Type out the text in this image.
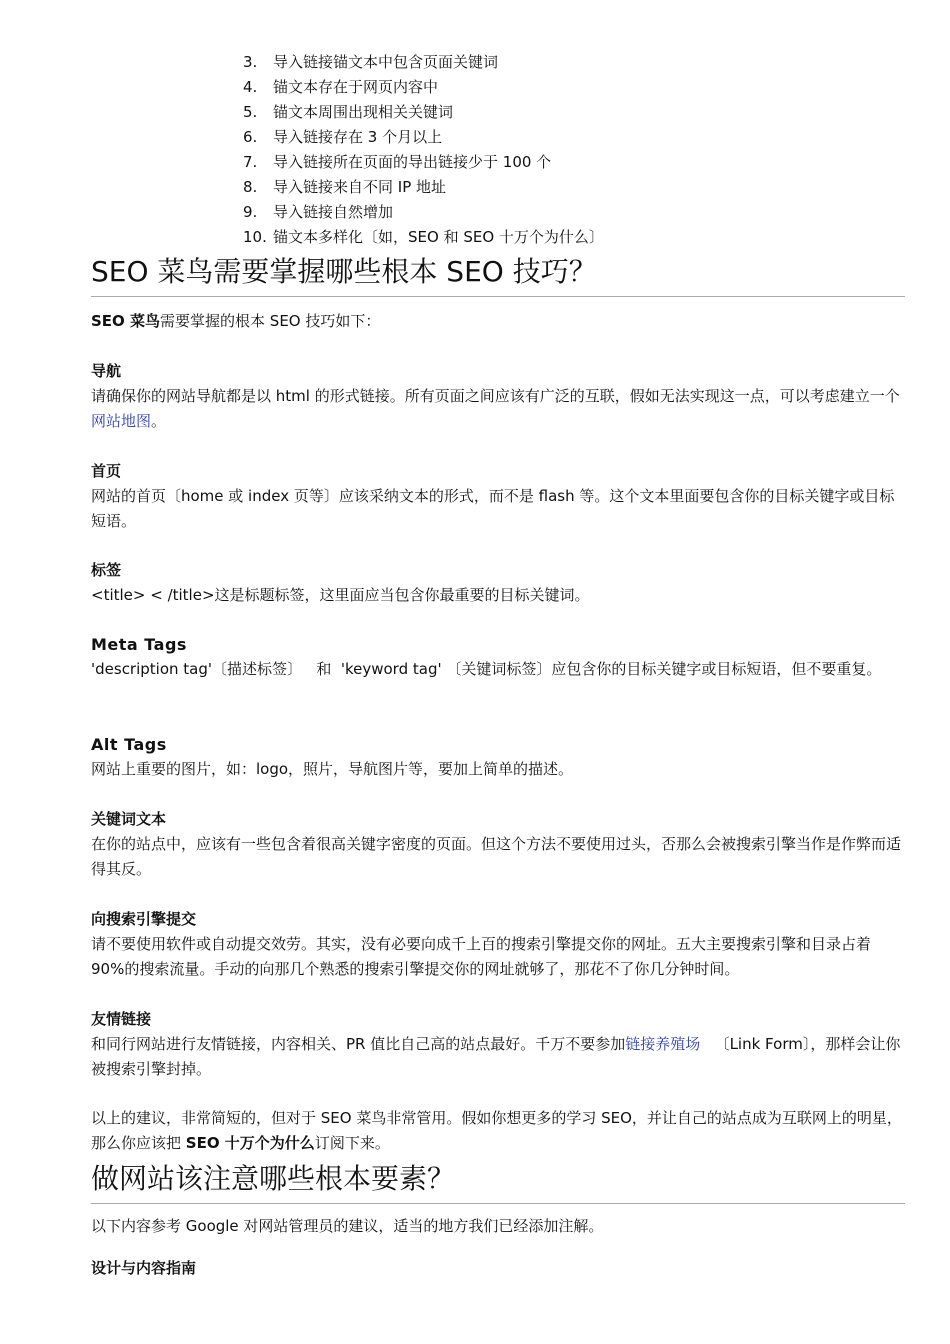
3. 导入链接锚文本中包含页面关键词
4. 锚文本存在于网页内容中
5. 锚文本周围出现相关关键词
6. 导入链接存在 3 个月以上
7. 导入链接所在页面的导出链接少于 100 个
8. 导入链接来自不同 IP 地址
9. 导入链接自然增加
10. 锚文本多样化〔如，SEO 和 SEO 十万个为什么〕
SEO 菜鸟需要掌握哪些根本 SEO 技巧？
SEO 菜鸟需要掌握的根本 SEO 技巧如下：
导航
请确保你的网站导航都是以 html 的形式链接。所有页面之间应该有广泛的互联，假如无法实现这一点，可以考虑建立一个网站地图。
首页
网站的首页〔home 或 index 页等〕应该采纳文本的形式，而不是 flash 等。这个文本里面要包含你的目标关键字或目标短语。
标签
<title> < /title>这是标题标签，这里面应当包含你最重要的目标关键词。
Meta Tags
'description tag'〔描述标签〕   和  'keyword tag' 〔关键词标签〕应包含你的目标关键字或目标短语，但不要重复。
Alt Tags
网站上重要的图片，如：logo，照片，导航图片等，要加上简单的描述。
关键词文本
在你的站点中，应该有一些包含着很高关键字密度的页面。但这个方法不要使用过头，否那么会被搜索引擎当作是作弊而适得其反。
向搜索引擎提交
请不要使用软件或自动提交效劳。其实，没有必要向成千上百的搜索引擎提交你的网址。五大主要搜索引擎和目录占着 90%的搜索流量。手动的向那几个熟悉的搜索引擎提交你的网址就够了，那花不了你几分钟时间。
友情链接
和同行网站进行友情链接，内容相关、PR 值比自己高的站点最好。千万不要参加链接养殖场   〔Link Form〕，那样会让你被搜索引擎封掉。
以上的建议，非常简短的，但对于 SEO 菜鸟非常管用。假如你想更多的学习 SEO，并让自己的站点成为互联网上的明星，那么你应该把 SEO 十万个为什么订阅下来。
做网站该注意哪些根本要素？
以下内容参考 Google 对网站管理员的建议，适当的地方我们已经添加注解。
设计与内容指南
